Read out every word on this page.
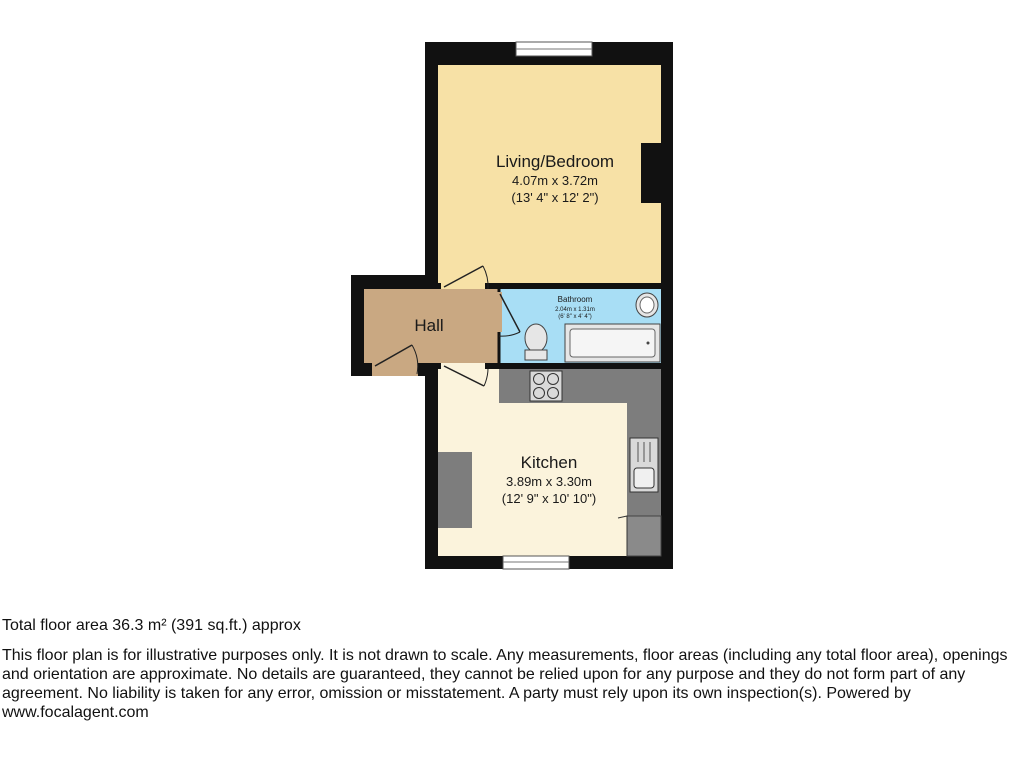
Living/Bedroom
4.07m x 3.72m
(13' 4" x 12' 2")
Bathroom
2.04m x 1.31m
(6' 8" x 4' 4")
Hall
Kitchen
3.89m x 3.30m
(12' 9" x 10' 10")

Total floor area 36.3 m² (391 sq.ft.) approx

This floor plan is for illustrative purposes only. It is not drawn to scale. Any measurements, floor areas (including any total floor area), openings and orientation are approximate. No details are guaranteed, they cannot be relied upon for any purpose and they do not form part of any agreement. No liability is taken for any error, omission or misstatement. A party must rely upon its own inspection(s). Powered by www.focalagent.com
